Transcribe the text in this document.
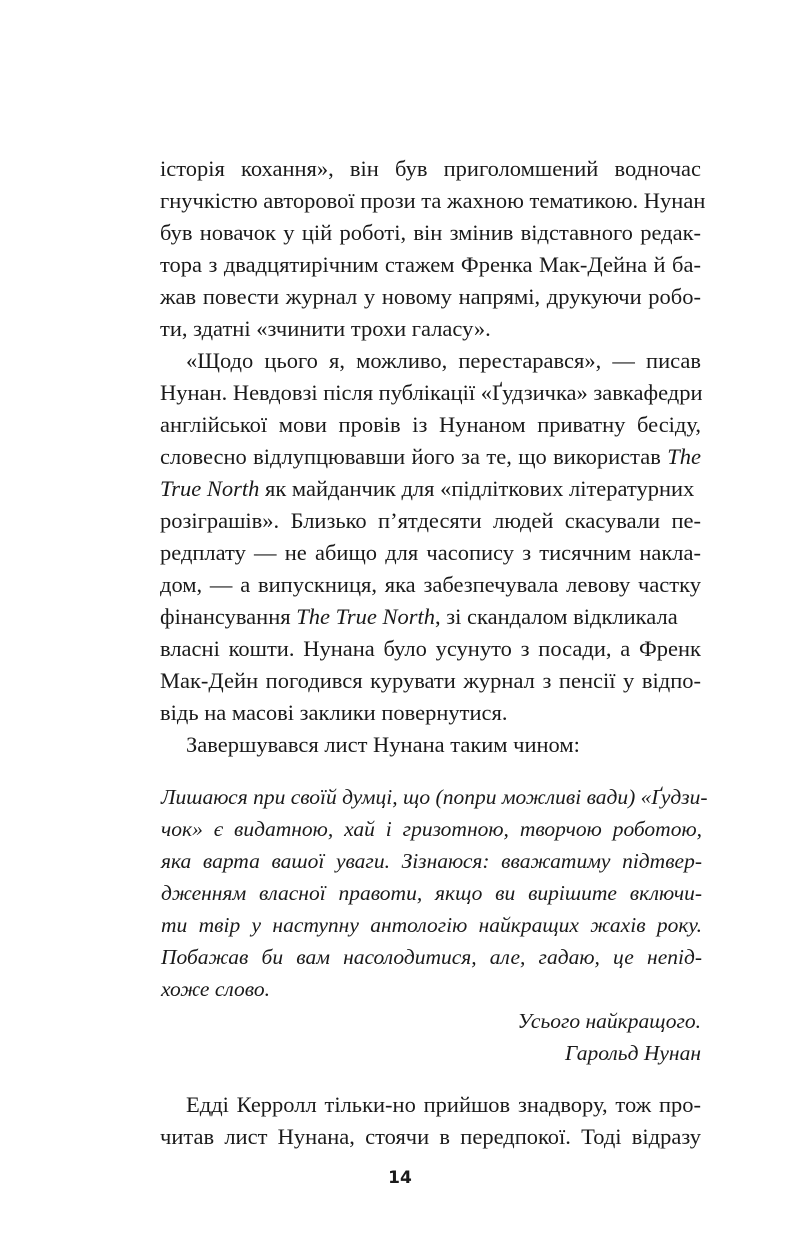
історія кохання», він був приголомшений водночас
гнучкістю авторової прози та жахною тематикою. Нунан
був новачок у цій роботі, він змінив відставного редак-
тора з двадцятирічним стажем Френка Мак-Дейна й ба-
жав повести журнал у новому напрямі, друкуючи робо-
ти, здатні «зчинити трохи галасу».
«Щодо цього я, можливо, перестарався», — писав
Нунан. Невдовзі після публікації «Ґудзичка» завкафедри
англійської мови провів із Нунаном приватну бесіду,
словесно відлупцювавши його за те, що використав The
True North як майданчик для «підліткових літературних
розіграшів». Близько п’ятдесяти людей скасували пе-
редплату — не абищо для часопису з тисячним накла-
дом, — а випускниця, яка забезпечувала левову частку
фінансування The True North, зі скандалом відкликала
власні кошти. Нунана було усунуто з посади, а Френк
Мак-Дейн погодився курувати журнал з пенсії у відпо-
відь на масові заклики повернутися.
Завершувався лист Нунана таким чином:
Лишаюся при своїй думці, що (попри можливі вади) «Ґудзи-
чок» є видатною, хай і гризотною, творчою роботою,
яка варта вашої уваги. Зізнаюся: вважатиму підтвер-
дженням власної правоти, якщо ви вирішите включи-
ти твір у наступну антологію найкращих жахів року.
Побажав би вам насолодитися, але, гадаю, це непід-
хоже слово.
Усього найкращого.
Гарольд Нунан
Едді Керролл тільки-но прийшов знадвору, тож про-
читав лист Нунана, стоячи в передпокої. Тоді відразу
14
